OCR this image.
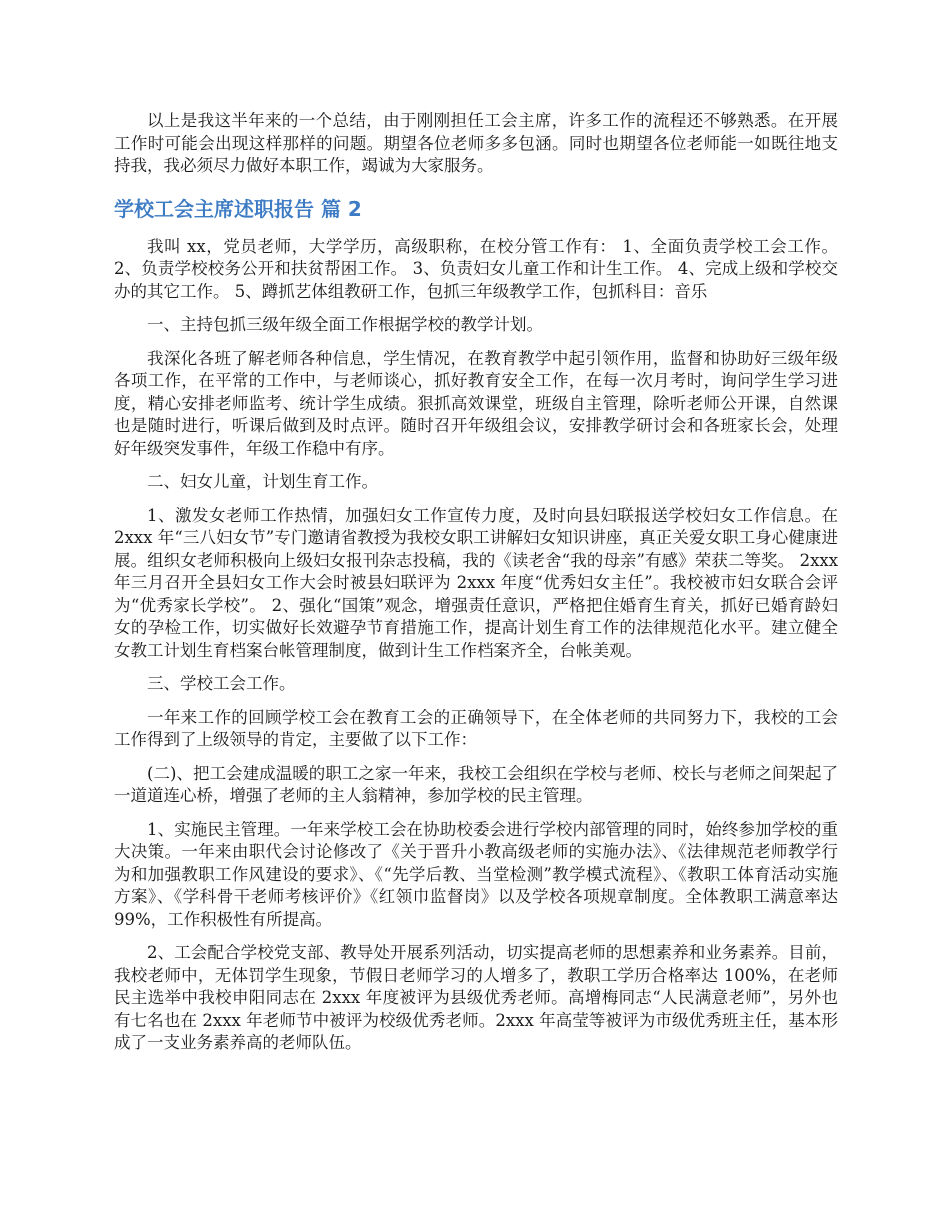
以上是我这半年来的一个总结，由于刚刚担任工会主席，许多工作的流程还不够熟悉。在开展工作时可能会出现这样那样的问题。期望各位老师多多包涵。同时也期望各位老师能一如既往地支持我，我必须尽力做好本职工作，竭诚为大家服务。

学校工会主席述职报告 篇 2

我叫 xx，党员老师，大学学历，高级职称，在校分管工作有： 1、全面负责学校工会工作。 2、负责学校校务公开和扶贫帮困工作。 3、负责妇女儿童工作和计生工作。 4、完成上级和学校交办的其它工作。 5、蹲抓艺体组教研工作，包抓三年级教学工作，包抓科目：音乐

一、主持包抓三级年级全面工作根据学校的教学计划。

我深化各班了解老师各种信息，学生情况，在教育教学中起引领作用，监督和协助好三级年级各项工作，在平常的工作中，与老师谈心，抓好教育安全工作，在每一次月考时，询问学生学习进度，精心安排老师监考、统计学生成绩。狠抓高效课堂，班级自主管理，除听老师公开课，自然课也是随时进行，听课后做到及时点评。随时召开年级组会议，安排教学研讨会和各班家长会，处理好年级突发事件，年级工作稳中有序。

二、妇女儿童，计划生育工作。

1、激发女老师工作热情，加强妇女工作宣传力度，及时向县妇联报送学校妇女工作信息。在 2xxx 年“三八妇女节”专门邀请省教授为我校女职工讲解妇女知识讲座，真正关爱女职工身心健康进展。组织女老师积极向上级妇女报刊杂志投稿，我的《读老舍“我的母亲”有感》荣获二等奖。 2xxx 年三月召开全县妇女工作大会时被县妇联评为 2xxx 年度“优秀妇女主任”。我校被市妇女联合会评为“优秀家长学校”。 2、强化“国策”观念，增强责任意识，严格把住婚育生育关，抓好已婚育龄妇女的孕检工作，切实做好长效避孕节育措施工作，提高计划生育工作的法律规范化水平。建立健全女教工计划生育档案台帐管理制度，做到计生工作档案齐全，台帐美观。

三、学校工会工作。

一年来工作的回顾学校工会在教育工会的正确领导下，在全体老师的共同努力下，我校的工会工作得到了上级领导的肯定，主要做了以下工作：

(二)、把工会建成温暖的职工之家一年来，我校工会组织在学校与老师、校长与老师之间架起了一道道连心桥，增强了老师的主人翁精神，参加学校的民主管理。

1、实施民主管理。一年来学校工会在协助校委会进行学校内部管理的同时，始终参加学校的重大决策。一年来由职代会讨论修改了《关于晋升小教高级老师的实施办法》、《法律规范老师教学行为和加强教职工作风建设的要求》、《“先学后教、当堂检测”教学模式流程》、《教职工体育活动实施方案》、《学科骨干老师考核评价》《红领巾监督岗》以及学校各项规章制度。全体教职工满意率达 99%，工作积极性有所提高。

2、工会配合学校党支部、教导处开展系列活动，切实提高老师的思想素养和业务素养。目前，我校老师中，无体罚学生现象，节假日老师学习的人增多了，教职工学历合格率达 100%，在老师民主选举中我校申阳同志在 2xxx 年度被评为县级优秀老师。高增梅同志“人民满意老师”，另外也有七名也在 2xxx 年老师节中被评为校级优秀老师。2xxx 年高莹等被评为市级优秀班主任，基本形成了一支业务素养高的老师队伍。
